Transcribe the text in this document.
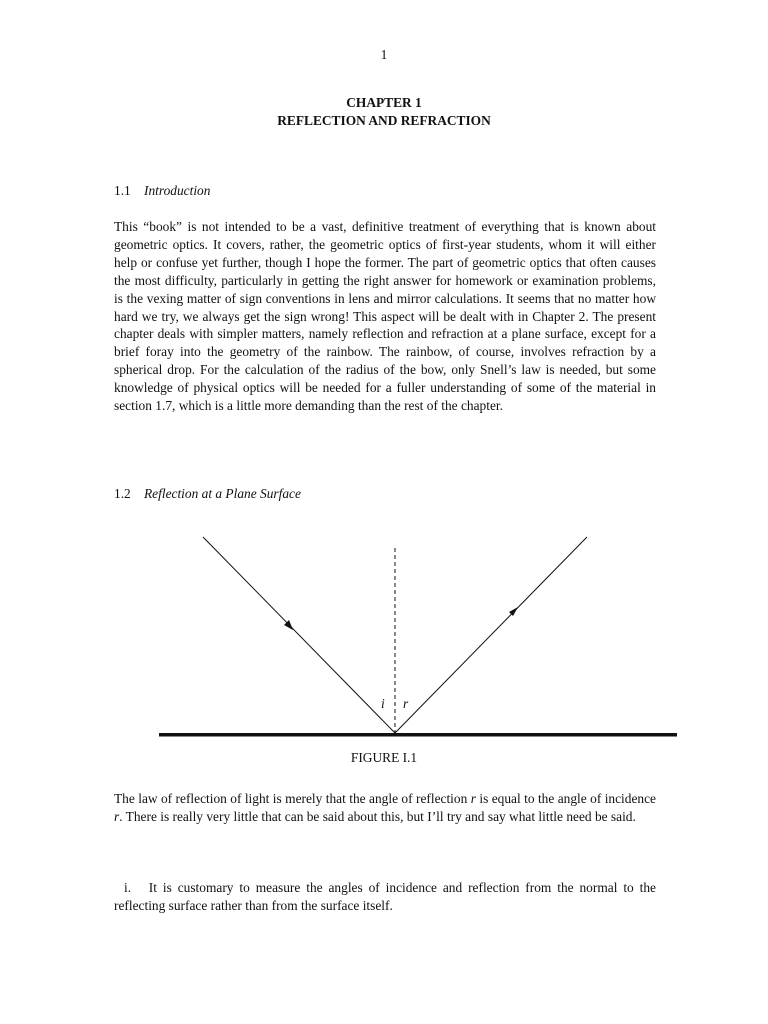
1
CHAPTER 1
REFLECTION AND REFRACTION
1.1 Introduction

This “book” is not intended to be a vast, definitive treatment of everything that is known about geometric optics. It covers, rather, the geometric optics of first-year students, whom it will either help or confuse yet further, though I hope the former. The part of geometric optics that often causes the most difficulty, particularly in getting the right answer for homework or examination problems, is the vexing matter of sign conventions in lens and mirror calculations. It seems that no matter how hard we try, we always get the sign wrong! This aspect will be dealt with in Chapter 2. The present chapter deals with simpler matters, namely reflection and refraction at a plane surface, except for a brief foray into the geometry of the rainbow. The rainbow, of course, involves refraction by a spherical drop. For the calculation of the radius of the bow, only Snell’s law is needed, but some knowledge of physical optics will be needed for a fuller understanding of some of the material in section 1.7, which is a little more demanding than the rest of the chapter.

1.2 Reflection at a Plane Surface
i r
FIGURE I.1

The law of reflection of light is merely that the angle of reflection r is equal to the angle of incidence r. There is really very little that can be said about this, but I’ll try and say what little need be said.

i. It is customary to measure the angles of incidence and reflection from the normal to the reflecting surface rather than from the surface itself.
